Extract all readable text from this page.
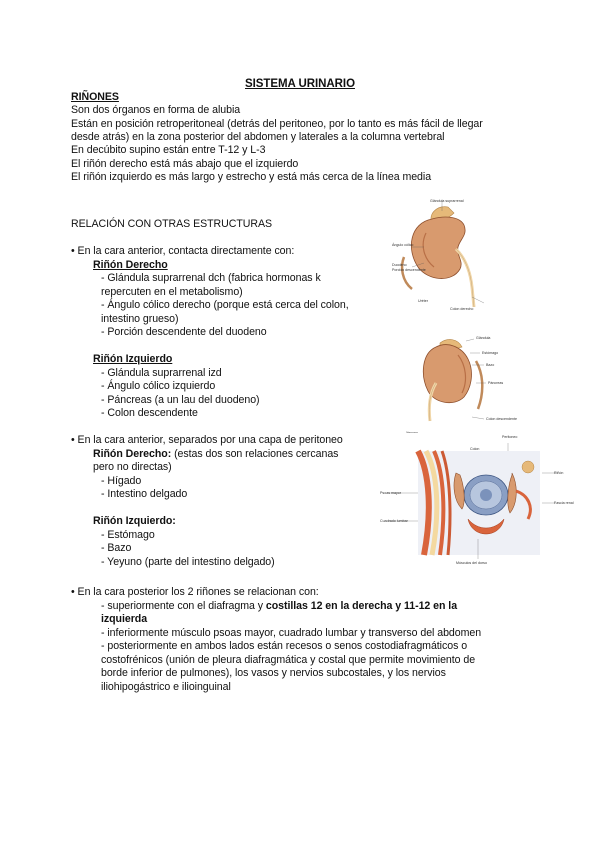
SISTEMA URINARIO
RIÑONES
Son dos órganos en forma de alubia
Están en posición retroperitoneal (detrás del peritoneo, por lo tanto es más fácil de llegar
desde atrás) en la zona posterior del abdomen y laterales a la columna vertebral
En decúbito supino están entre T-12 y L-3
El riñón derecho está más abajo que el izquierdo
El riñón izquierdo es más largo y estrecho y está más cerca de la línea media
RELACIÓN CON OTRAS ESTRUCTURAS
• En la cara anterior, contacta directamente con:
Riñón Derecho
- Glándula suprarrenal dch (fabrica hormonas k
repercuten en el metabolismo)
- Ángulo cólico derecho (porque está cerca del colon,
intestino grueso)
- Porción descendente del duodeno
Riñón Izquierdo
- Glándula suprarrenal izd
- Ángulo cólico izquierdo
- Páncreas (a un lau del duodeno)
- Colon descendente
• En la cara anterior, separados por una capa de peritoneo
Riñón Derecho: (estas dos son relaciones cercanas
pero no directas)
- Hígado
- Intestino delgado
Riñón Izquierdo:
- Estómago
- Bazo
- Yeyuno (parte del intestino delgado)
• En la cara posterior los 2 riñones se relacionan con:
- superiormente con el diafragma y costillas 12 en la derecha y 11-12 en la
izquierda
- inferiormente músculo psoas mayor, cuadrado lumbar y transverso del abdomen
- posteriormente en ambos lados están recesos o senos costodiafragmáticos o
costofrénicos (unión de pleura diafragmática y costal que permite movimiento de
borde inferior de pulmones), los vasos y nervios subcostales, y los nervios
iliohipogástrico e ilioinguinal
Glándula suprarrenal
Ángulo cólico
Duodeno
Porción descendente
Uréter
Colon derecho
Glándula
Estómago
Bazo
Páncreas
Colon descendente
Peritoneo
Colon
Riñón
Fascia renal
Psoas mayor
Cuadrado lumbar
Músculos del dorso
